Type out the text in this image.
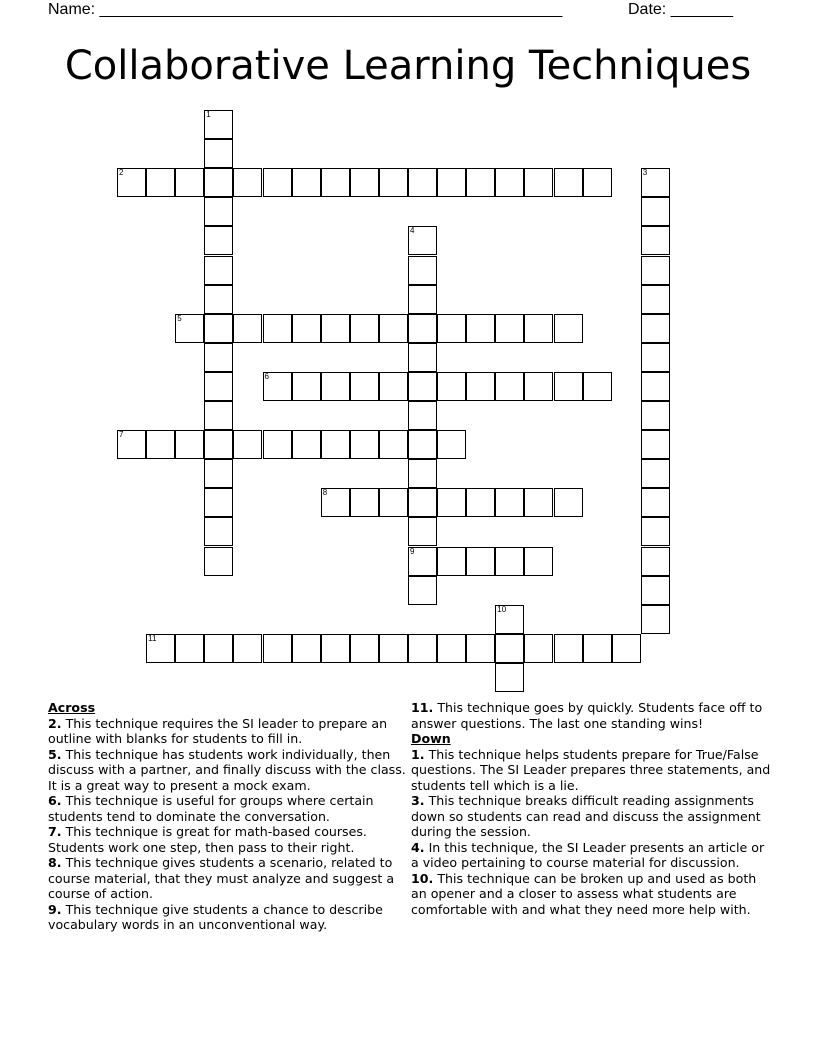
Name: ____________________________________________________	Date: _______
Collaborative Learning Techniques
1
2	3
4
9
5
6
7
8
10
11
Across
2. This technique requires the SI leader to prepare an outline with blanks for students to fill in.
5. This technique has students work individually, then discuss with a partner, and finally discuss with the class. It is a great way to present a mock exam.
6. This technique is useful for groups where certain students tend to dominate the conversation.
7. This technique is great for math-based courses. Students work one step, then pass to their right.
8. This technique gives students a scenario, related to course material, that they must analyze and suggest a course of action.
9. This technique give students a chance to describe vocabulary words in an unconventional way.
11. This technique goes by quickly. Students face off to answer questions. The last one standing wins!
Down
1. This technique helps students prepare for True/False questions. The SI Leader prepares three statements, and students tell which is a lie.
3. This technique breaks difficult reading assignments down so students can read and discuss the assignment during the session.
4. In this technique, the SI Leader presents an article or a video pertaining to course material for discussion.
10. This technique can be broken up and used as both an opener and a closer to assess what students are comfortable with and what they need more help with.
